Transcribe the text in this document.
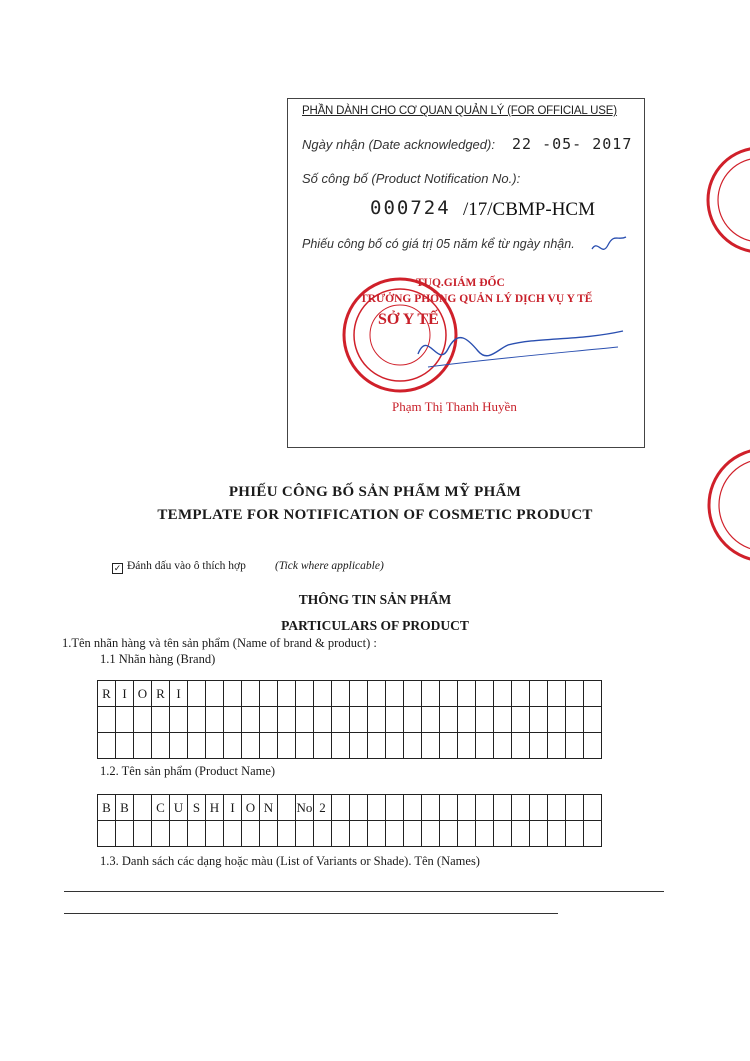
PHẦN DÀNH CHO CƠ QUAN QUẢN LÝ (FOR OFFICIAL USE)
Ngày nhận (Date acknowledged): 22 -05- 2017
Số công bố (Product Notification No.):
000724 /17/CBMP-HCM
Phiếu công bố có giá trị 05 năm kể từ ngày nhận.
SỞ Y TẾ
TUQ.GIÁM ĐỐC
TRƯỞNG PHÒNG QUẢN LÝ DỊCH VỤ Y TẾ
Phạm Thị Thanh Huyền
PHIẾU CÔNG BỐ SẢN PHẨM MỸ PHẨM
TEMPLATE FOR NOTIFICATION OF COSMETIC PRODUCT
✓ Đánh dấu vào ô thích hợp	(Tick where applicable)
THÔNG TIN SẢN PHẨM
PARTICULARS OF PRODUCT
1.Tên nhãn hàng và tên sản phẩm (Name of brand & product) :
1.1 Nhãn hàng (Brand)
R I O R I
1.2. Tên sản phẩm (Product Name)
B B	C U S H I O N	No 2
1.3. Danh sách các dạng hoặc màu (List of Variants or Shade). Tên (Names)
